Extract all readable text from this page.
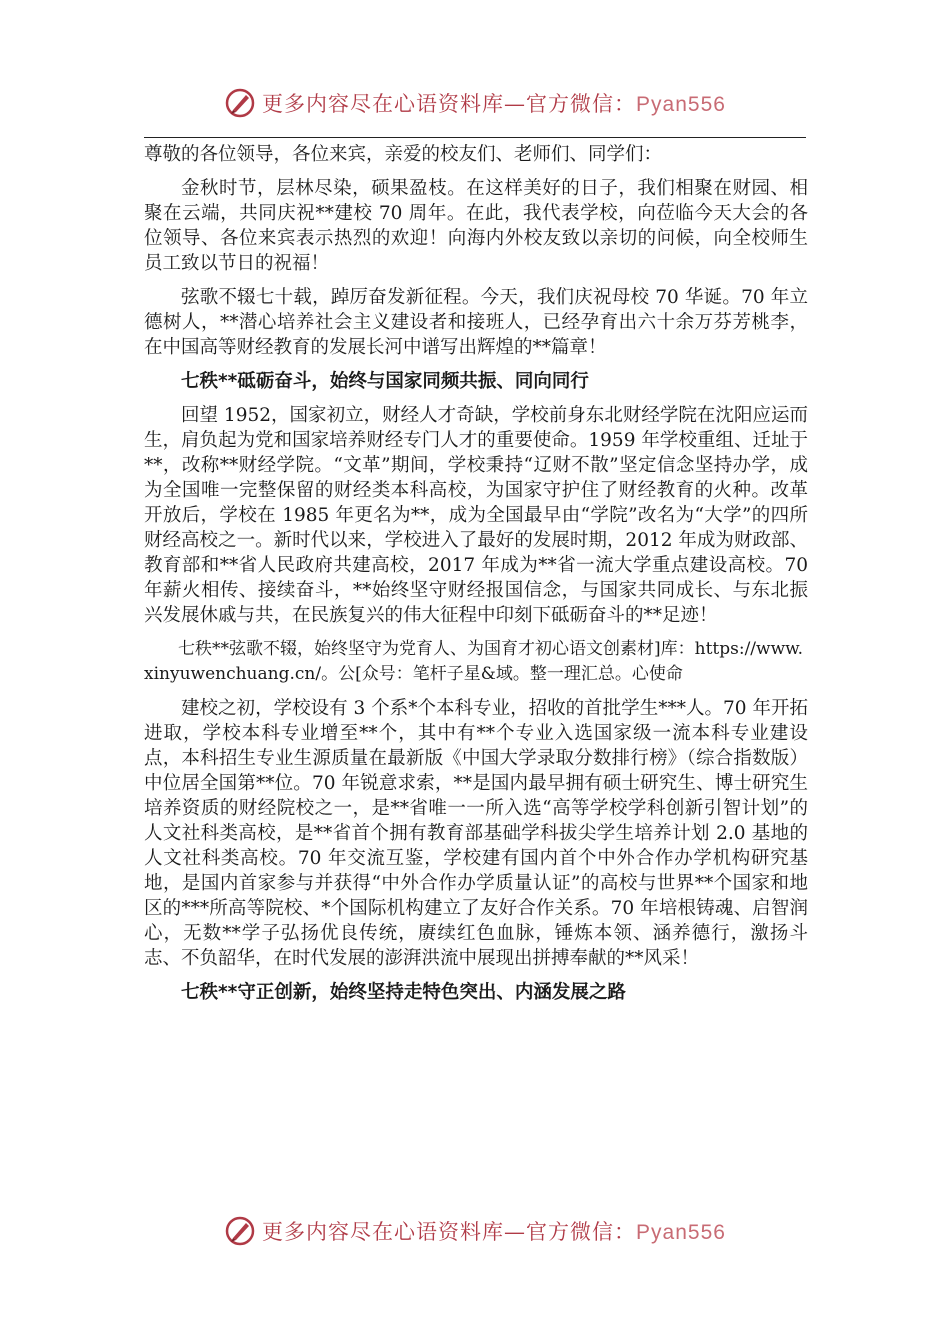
更多内容尽在心语资料库—官方微信：Pyan556

尊敬的各位领导，各位来宾，亲爱的校友们、老师们、同学们：

金秋时节，层林尽染，硕果盈枝。在这样美好的日子，我们相聚在财园、相聚在云端，共同庆祝**建校 70 周年。在此，我代表学校，向莅临今天大会的各位领导、各位来宾表示热烈的欢迎！向海内外校友致以亲切的问候，向全校师生员工致以节日的祝福！

弦歌不辍七十载，踔厉奋发新征程。今天，我们庆祝母校 70 华诞。70 年立德树人，**潜心培养社会主义建设者和接班人，已经孕育出六十余万芬芳桃李，在中国高等财经教育的发展长河中谱写出辉煌的**篇章！

七秩**砥砺奋斗，始终与国家同频共振、同向同行

回望 1952，国家初立，财经人才奇缺，学校前身东北财经学院在沈阳应运而生，肩负起为党和国家培养财经专门人才的重要使命。1959 年学校重组、迁址于**，改称**财经学院。“文革”期间，学校秉持“辽财不散”坚定信念坚持办学，成为全国唯一完整保留的财经类本科高校，为国家守护住了财经教育的火种。改革开放后，学校在 1985 年更名为**，成为全国最早由“学院”改名为“大学”的四所财经高校之一。新时代以来，学校进入了最好的发展时期，2012 年成为财政部、教育部和**省人民政府共建高校，2017 年成为**省一流大学重点建设高校。70 年薪火相传、接续奋斗，**始终坚守财经报国信念，与国家共同成长、与东北振兴发展休戚与共，在民族复兴的伟大征程中印刻下砥砺奋斗的**足迹！

七秩**弦歌不辍，始终坚守为党育人、为国育才初心语文创素材]库：https://www.xinyuwenchuang.cn/。公[众号：笔杆子星&域。整一理汇总。心使命

建校之初，学校设有 3 个系*个本科专业，招收的首批学生***人。70 年开拓进取，学校本科专业增至**个，其中有**个专业入选国家级一流本科专业建设点，本科招生专业生源质量在最新版《中国大学录取分数排行榜》（综合指数版）中位居全国第**位。70 年锐意求索，**是国内最早拥有硕士研究生、博士研究生培养资质的财经院校之一，是**省唯一一所入选“高等学校学科创新引智计划”的人文社科类高校，是**省首个拥有教育部基础学科拔尖学生培养计划 2.0 基地的人文社科类高校。70 年交流互鉴，学校建有国内首个中外合作办学机构研究基地，是国内首家参与并获得“中外合作办学质量认证”的高校与世界**个国家和地区的***所高等院校、*个国际机构建立了友好合作关系。70 年培根铸魂、启智润心，无数**学子弘扬优良传统，赓续红色血脉，锤炼本领、涵养德行，激扬斗志、不负韶华，在时代发展的澎湃洪流中展现出拼搏奉献的**风采！

七秩**守正创新，始终坚持走特色突出、内涵发展之路

更多内容尽在心语资料库—官方微信：Pyan556
